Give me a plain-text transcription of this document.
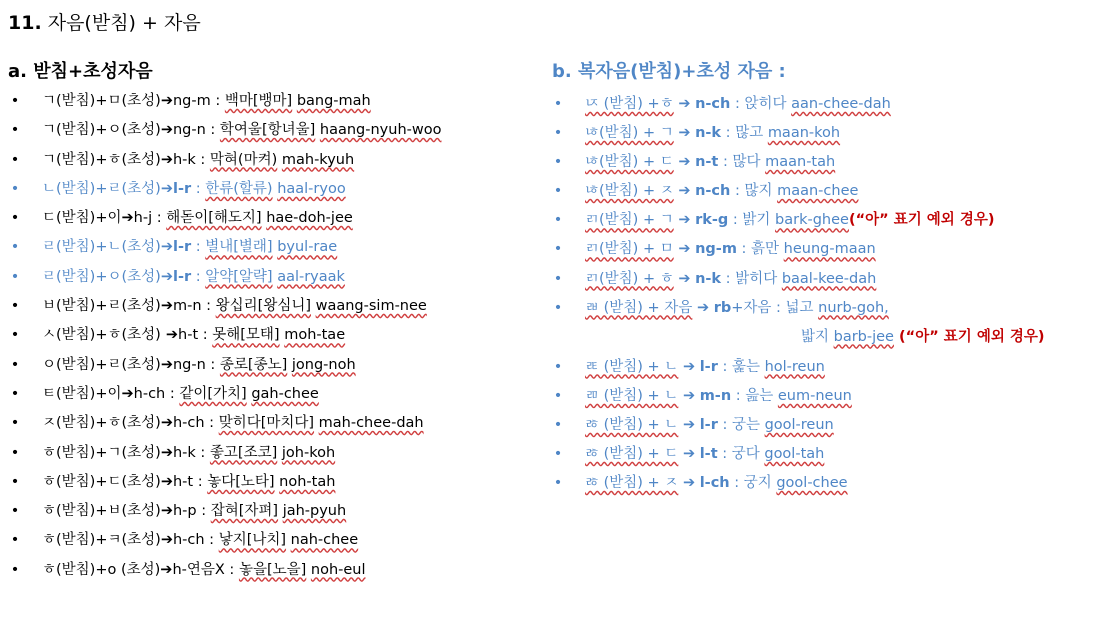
11. 자음(받침) + 자음
a. 받침+초성자음	b. 복자음(받침)+초성 자음 :
• ㄱ(받침)+ㅁ(초성)➔ng-m : 백마[뱅마] bang-mah
• ㄱ(받침)+ㅇ(초성)➔ng-n : 학여울[항녀울] haang-nyuh-woo
• ㄱ(받침)+ㅎ(초성)➔h-k : 막혀(마켜) mah-kyuh
• ㄴ(받침)+ㄹ(초성)➔l-r : 한류(할류) haal-ryoo
• ㄷ(받침)+이➔h-j : 해돋이[해도지] hae-doh-jee
• ㄹ(받침)+ㄴ(초성)➔l-r : 별내[별래] byul-rae
• ㄹ(받침)+ㅇ(초성)➔l-r : 알약[알략] aal-ryaak
• ㅂ(받침)+ㄹ(초성)➔m-n : 왕십리[왕심니] waang-sim-nee
• ㅅ(받침)+ㅎ(초성) ➔h-t : 못해[모태] moh-tae
• ㅇ(받침)+ㄹ(초성)➔ng-n : 종로[종노] jong-noh
• ㅌ(받침)+이➔h-ch : 같이[가치] gah-chee
• ㅈ(받침)+ㅎ(초성)➔h-ch : 맞히다[마치다] mah-chee-dah
• ㅎ(받침)+ㄱ(초성)➔h-k : 좋고[조코] joh-koh
• ㅎ(받침)+ㄷ(초성)➔h-t : 놓다[노타] noh-tah
• ㅎ(받침)+ㅂ(초성)➔h-p : 잡혀[자펴] jah-pyuh
• ㅎ(받침)+ㅋ(초성)➔h-ch : 낳지[나치] nah-chee
• ㅎ(받침)+o (초성)➔h-연음X : 놓을[노을] noh-eul
• ㄵ (받침) +ㅎ ➔ n-ch : 앉히다 aan-chee-dah
• ㄶ(받침) + ㄱ ➔ n-k : 많고 maan-koh
• ㄶ(받침) + ㄷ ➔ n-t : 많다 maan-tah
• ㄶ(받침) + ㅈ ➔ n-ch : 많지 maan-chee
• ㄺ(받침) + ㄱ ➔ rk-g : 밝기 bark-ghee(“아” 표기 예외 경우)
• ㄺ(받침) + ㅁ ➔ ng-m : 흙만 heung-maan
• ㄺ(받침) + ㅎ ➔ n-k : 밝히다 baal-kee-dah
• ㄼ (받침) + 자음 ➔ rb+자음 : 넓고 nurb-goh,
밟지 barb-jee (“아” 표기 예외 경우)
• ㄾ (받침) + ㄴ ➔ l-r : 훑는 hol-reun
• ㄻ (받침) + ㄴ ➔ m-n : 읊는 eum-neun
• ㅀ (받침) + ㄴ ➔ l-r : 궁는 gool-reun
• ㅀ (받침) + ㄷ ➔ l-t : 궁다 gool-tah
• ㅀ (받침) + ㅈ ➔ l-ch : 궁지 gool-chee
